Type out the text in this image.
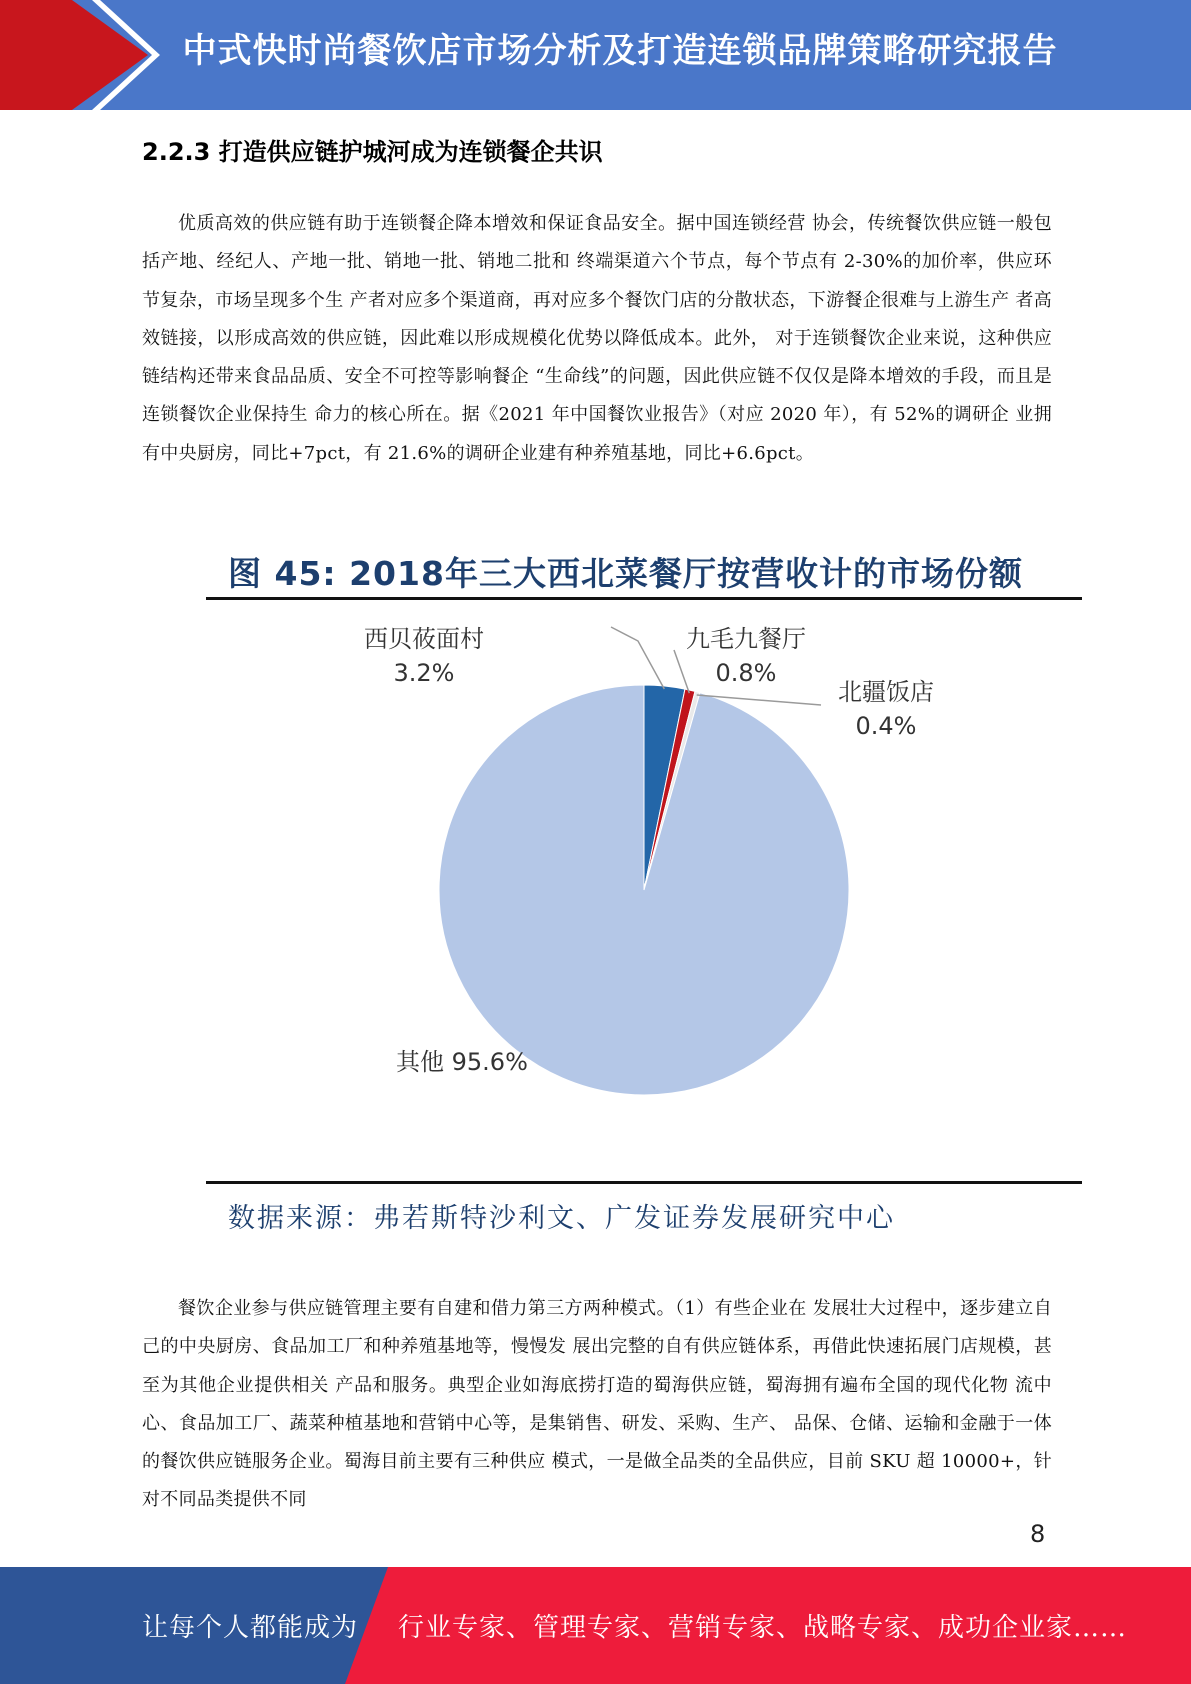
中式快时尚餐饮店市场分析及打造连锁品牌策略研究报告
2.2.3 打造供应链护城河成为连锁餐企共识

优质高效的供应链有助于连锁餐企降本增效和保证食品安全。据中国连锁经营 协会，传统餐饮供应链一般包括产地、经纪人、产地一批、销地一批、销地二批和 终端渠道六个节点，每个节点有 2-30%的加价率，供应环节复杂，市场呈现多个生 产者对应多个渠道商，再对应多个餐饮门店的分散状态，下游餐企很难与上游生产 者高效链接，以形成高效的供应链，因此难以形成规模化优势以降低成本。此外， 对于连锁餐饮企业来说，这种供应链结构还带来食品品质、安全不可控等影响餐企 “生命线”的问题，因此供应链不仅仅是降本增效的手段，而且是连锁餐饮企业保持生 命力的核心所在。据《2021 年中国餐饮业报告》（对应 2020 年），有 52%的调研企 业拥有中央厨房，同比+7pct，有 21.6%的调研企业建有种养殖基地，同比+6.6pct。

图 45: 2018年三大西北菜餐厅按营收计的市场份额
西贝莜面村
3.2%
九毛九餐厅
0.8%
北疆饭店
0.4%
其他 95.6%
数据来源：弗若斯特沙利文、广发证券发展研究中心

餐饮企业参与供应链管理主要有自建和借力第三方两种模式。（1）有些企业在 发展壮大过程中，逐步建立自己的中央厨房、食品加工厂和种养殖基地等，慢慢发 展出完整的自有供应链体系，再借此快速拓展门店规模，甚至为其他企业提供相关 产品和服务。典型企业如海底捞打造的蜀海供应链，蜀海拥有遍布全国的现代化物 流中心、食品加工厂、蔬菜种植基地和营销中心等，是集销售、研发、采购、生产、 品保、仓储、运输和金融于一体的餐饮供应链服务企业。蜀海目前主要有三种供应 模式，一是做全品类的全品供应，目前 SKU 超 10000+，针对不同品类提供不同

8
让每个人都能成为 行业专家、管理专家、营销专家、战略专家、成功企业家……
